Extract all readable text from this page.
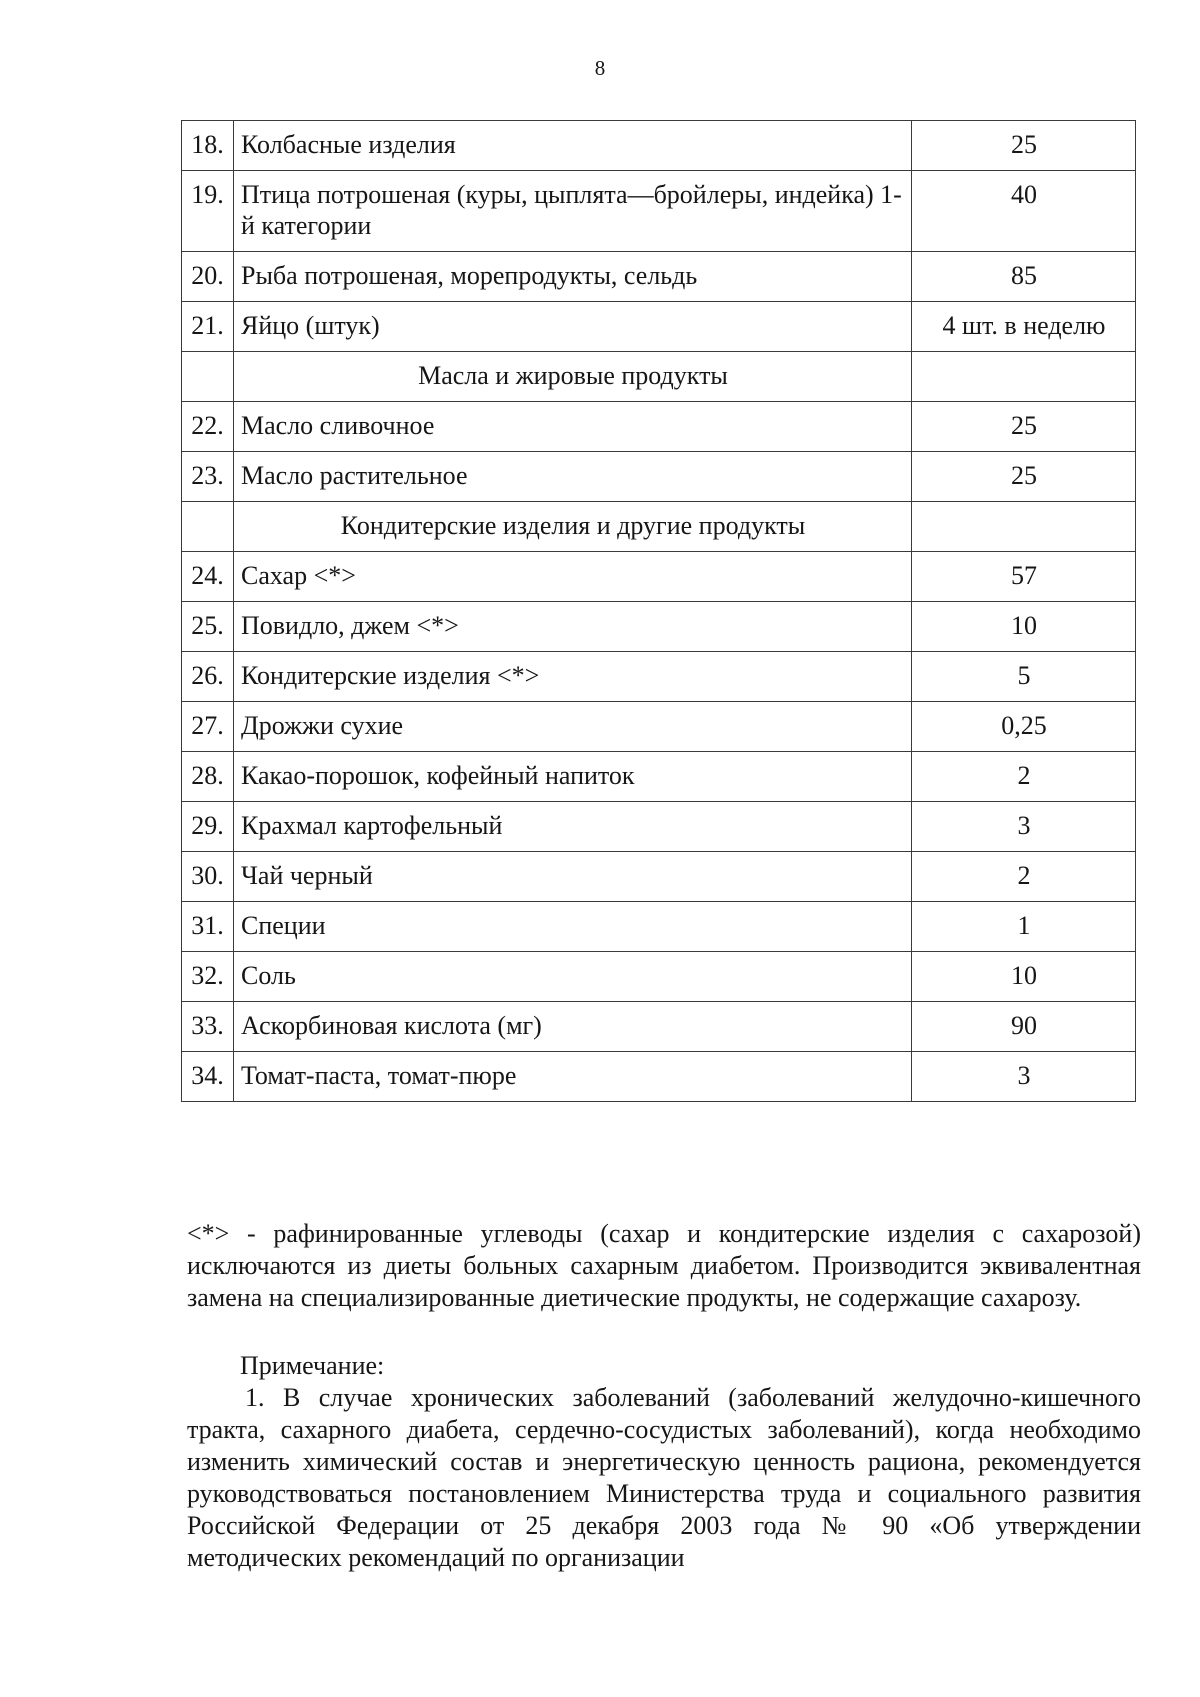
8
18.	Колбасные изделия	25
19.	Птица потрошеная (куры, цыплята—бройлеры, индейка) 1-й категории	40
20.	Рыба потрошеная, морепродукты, сельдь	85
21.	Яйцо (штук)	4 шт. в неделю
	Масла и жировые продукты	
22.	Масло сливочное	25
23.	Масло растительное	25
	Кондитерские изделия и другие продукты	
24.	Сахар <*>	57
25.	Повидло, джем <*>	10
26.	Кондитерские изделия <*>	5
27.	Дрожжи сухие	0,25
28.	Какао-порошок, кофейный напиток	2
29.	Крахмал картофельный	3
30.	Чай черный	2
31.	Специи	1
32.	Соль	10
33.	Аскорбиновая кислота (мг)	90
34.	Томат-паста, томат-пюре	3

<*> - рафинированные углеводы (сахар и кондитерские изделия с сахарозой) исключаются из диеты больных сахарным диабетом. Производится эквивалентная замена на специализированные диетические продукты, не содержащие сахарозу.

Примечание:

1. В случае хронических заболеваний (заболеваний желудочно-кишечного тракта, сахарного диабета, сердечно-сосудистых заболеваний), когда необходимо изменить химический состав и энергетическую ценность рациона, рекомендуется руководствоваться постановлением Министерства труда и социального развития Российской Федерации от 25 декабря 2003 года № 90 «Об утверждении методических рекомендаций по организации
